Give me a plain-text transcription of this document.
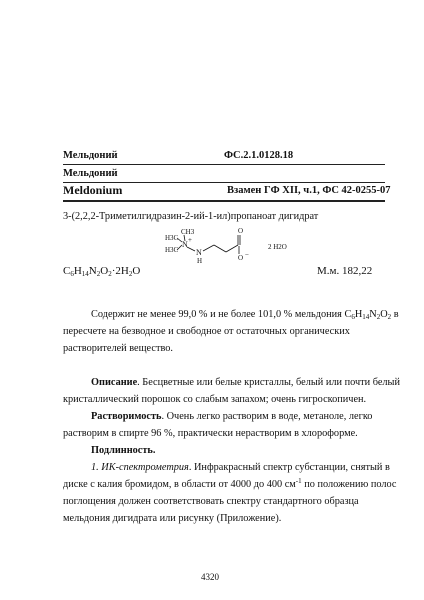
Мельдоний	ФС.2.1.0128.18
Мельдоний
Meldonium	Взамен ГФ XII, ч.1, ФС 42-0255-07
3-(2,2,2-Триметилгидразин-2-ий-1-ил)пропаноат дигидрат
CH3
H3C
H3C
N +
N
H
O
O −
2 H2O
$C_6H_{14}N_2O_2\cdot 2H_2O$	М.м. 182,22
Содержит не менее 99,0 % и не более 101,0 % мельдония $C_6H_{14}N_2O_2$ в
пересчете на безводное и свободное от остаточных органических
растворителей вещество.
Описание. Бесцветные или белые кристаллы, белый или почти белый
кристаллический порошок со слабым запахом; очень гигроскопичен.
Растворимость. Очень легко растворим в воде, метаноле, легко
растворим в спирте 96 %, практически нерастворим в хлороформе.
Подлинность.
1. ИК-спектрометрия. Инфракрасный спектр субстанции, снятый в
диске с калия бромидом, в области от 4000 до 400 $см^{-1}$ по положению полос
поглощения должен соответствовать спектру стандартного образца
мельдония дигидрата или рисунку (Приложение).
4320
